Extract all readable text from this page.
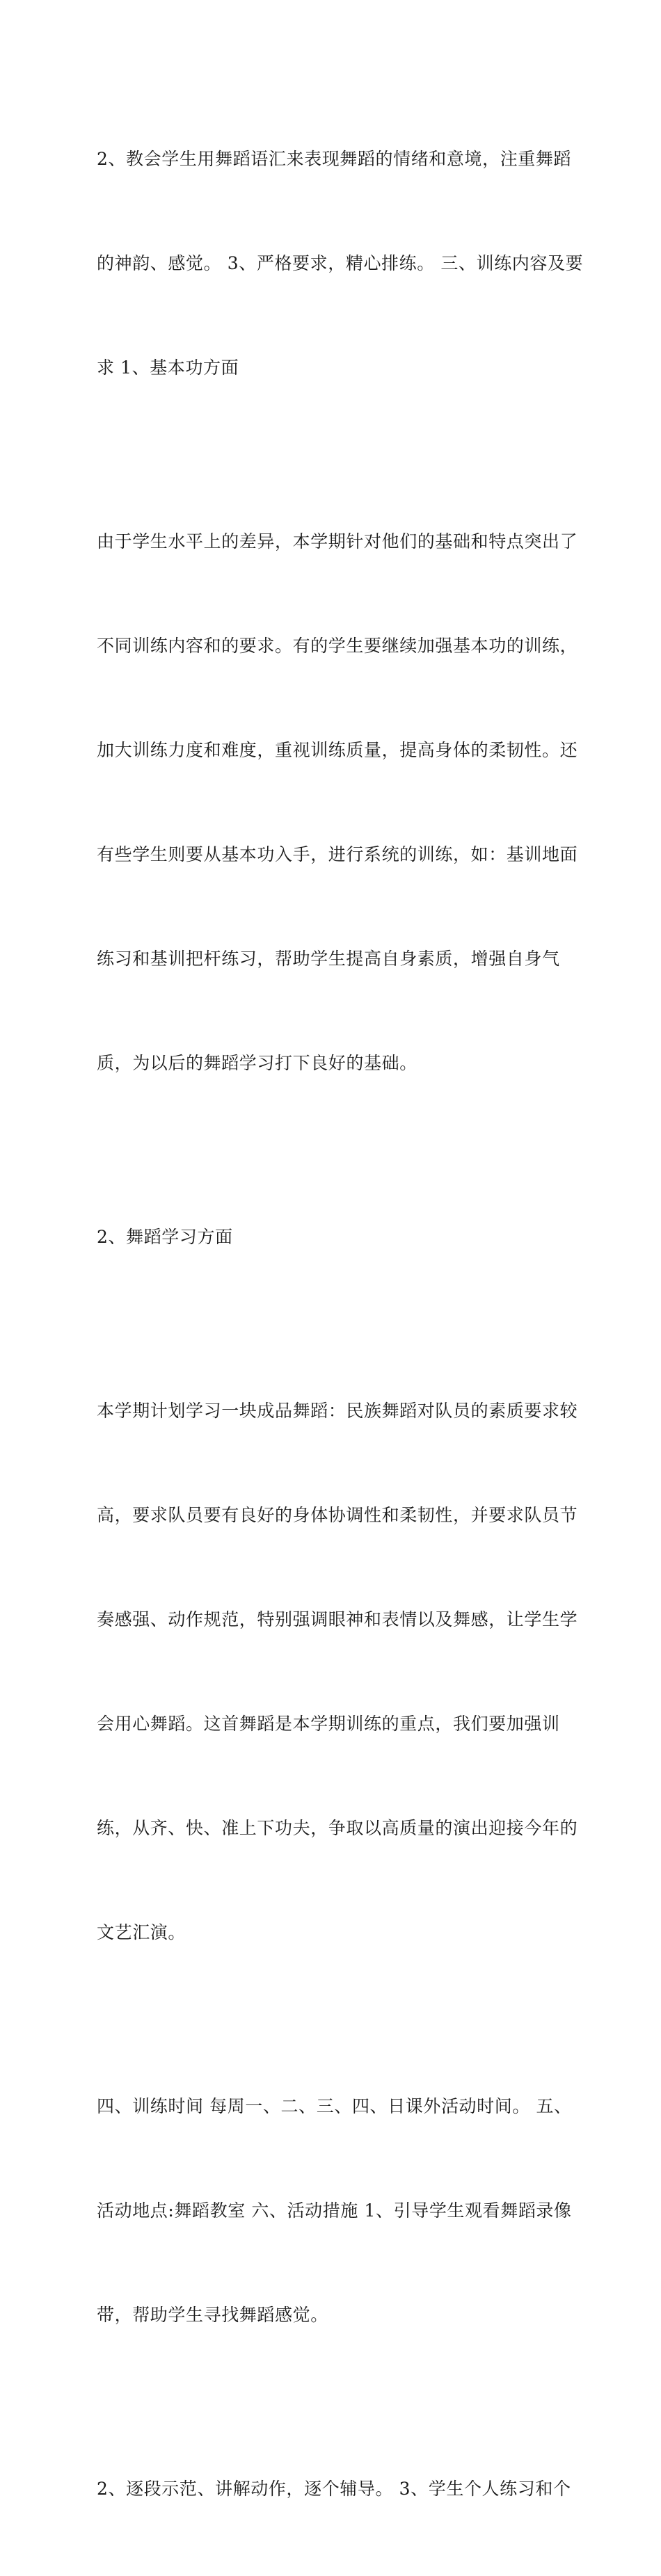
2、教会学生用舞蹈语汇来表现舞蹈的情绪和意境，注重舞蹈

的神韵、感觉。 3、严格要求，精心排练。 三、训练内容及要

求 1、基本功方面

由于学生水平上的差异，本学期针对他们的基础和特点突出了

不同训练内容和的要求。有的学生要继续加强基本功的训练，

加大训练力度和难度，重视训练质量，提高身体的柔韧性。还

有些学生则要从基本功入手，进行系统的训练，如：基训地面

练习和基训把杆练习，帮助学生提高自身素质，增强自身气

质，为以后的舞蹈学习打下良好的基础。

2、舞蹈学习方面

本学期计划学习一块成品舞蹈：民族舞蹈对队员的素质要求较

高，要求队员要有良好的身体协调性和柔韧性，并要求队员节

奏感强、动作规范，特别强调眼神和表情以及舞感，让学生学

会用心舞蹈。这首舞蹈是本学期训练的重点，我们要加强训

练，从齐、快、准上下功夫，争取以高质量的演出迎接今年的

文艺汇演。

四、训练时间 每周一、二、三、四、日课外活动时间。 五、

活动地点:舞蹈教室 六、活动措施 1、引导学生观看舞蹈录像

带，帮助学生寻找舞蹈感觉。

2、逐段示范、讲解动作，逐个辅导。 3、学生个人练习和个
